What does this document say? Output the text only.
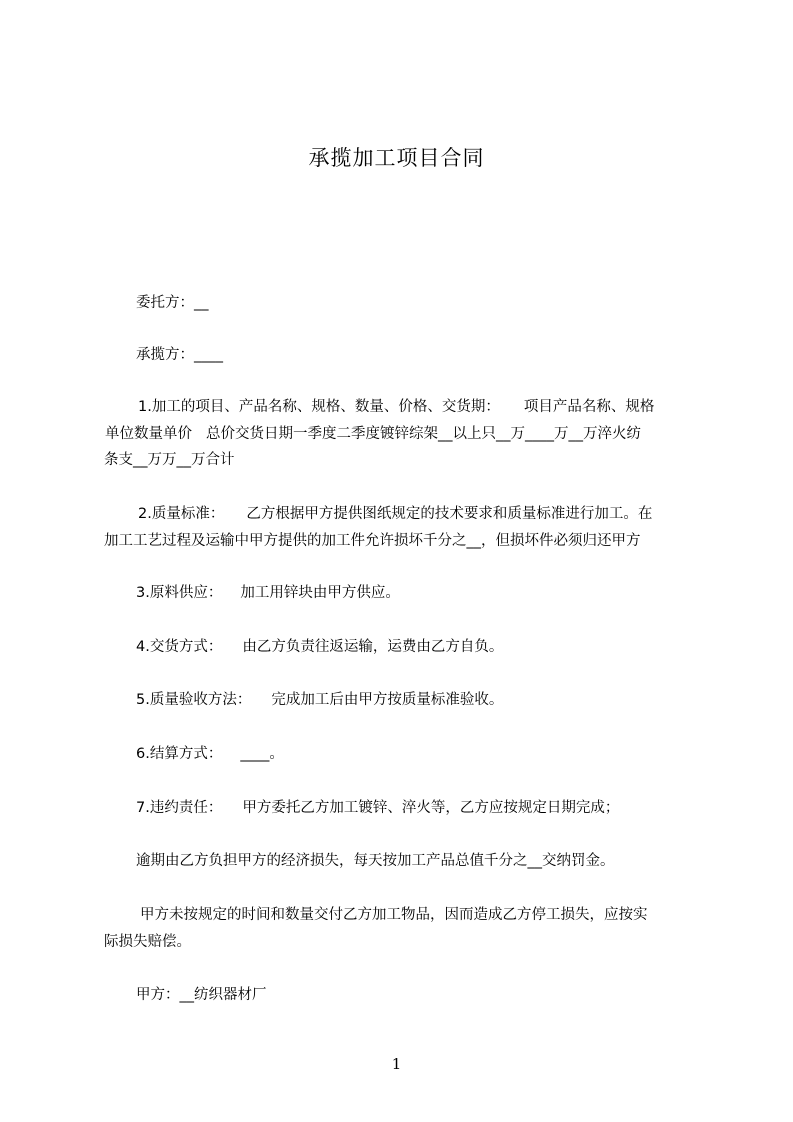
承揽加工项目合同
委托方：__
承揽方：____
1.加工的项目、产品名称、规格、数量、价格、交货期： 项目产品名称、规格
单位数量单价 总价交货日期一季度二季度镀锌综架__以上只__万____万__万淬火纺
条支__万万__万合计
2.质量标准： 乙方根据甲方提供图纸规定的技术要求和质量标准进行加工。在
加工工艺过程及运输中甲方提供的加工件允许损坏千分之__，但损坏件必须归还甲方
3.原料供应： 加工用锌块由甲方供应。
4.交货方式： 由乙方负责往返运输，运费由乙方自负。
5.质量验收方法： 完成加工后由甲方按质量标准验收。
6.结算方式： ____。
7.违约责任： 甲方委托乙方加工镀锌、淬火等，乙方应按规定日期完成；
逾期由乙方负担甲方的经济损失，每天按加工产品总值千分之__交纳罚金。
甲方未按规定的时间和数量交付乙方加工物品，因而造成乙方停工损失，应按实
际损失赔偿。
甲方：__纺织器材厂
1
